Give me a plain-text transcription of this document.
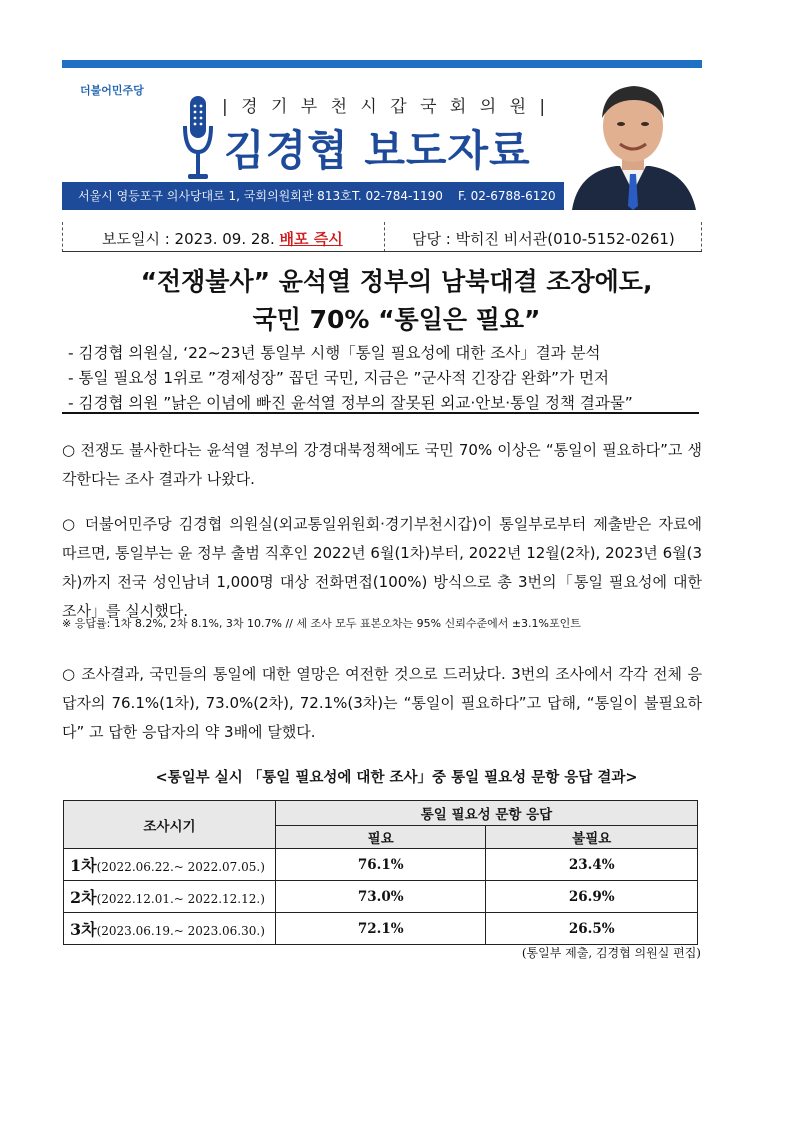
더불어민주당
| 경 기 부 천 시 갑 국 회 의 원 |
김경협 보도자료
서울시 영등포구 의사당대로 1, 국회의원회관 813호 T. 02-784-1190 F. 02-6788-6120
보도일시 : 2023. 09. 28. 배포 즉시	담당 : 박히진 비서관(010-5152-0261)
“전쟁불사” 윤석열 정부의 남북대결 조장에도,
국민 70% “통일은 필요”
- 김경협 의원실, ‘22~23년 통일부 시행「통일 필요성에 대한 조사」결과 분석
- 통일 필요성 1위로 ”경제성장” 꼽던 국민, 지금은 ”군사적 긴장감 완화”가 먼저
- 김경협 의원 ”낡은 이념에 빠진 윤석열 정부의 잘못된 외교·안보·통일 정책 결과물”
○ 전쟁도 불사한다는 윤석열 정부의 강경대북정책에도 국민 70% 이상은 “통일이 필요하다”고 생각한다는 조사 결과가 나왔다.
○ 더불어민주당 김경협 의원실(외교통일위원회·경기부천시갑)이 통일부로부터 제출받은 자료에 따르면, 통일부는 윤 정부 출범 직후인 2022년 6월(1차)부터, 2022년 12월(2차), 2023년 6월(3차)까지 전국 성인남녀 1,000명 대상 전화면접(100%) 방식으로 총 3번의「통일 필요성에 대한 조사」를 실시했다.
※ 응답률: 1차 8.2%, 2차 8.1%, 3차 10.7% // 세 조사 모두 표본오차는 95% 신뢰수준에서 ±3.1%포인트
○ 조사결과, 국민들의 통일에 대한 열망은 여전한 것으로 드러났다. 3번의 조사에서 각각 전체 응답자의 76.1%(1차), 73.0%(2차), 72.1%(3차)는 “통일이 필요하다”고 답해, “통일이 불필요하다” 고 답한 응답자의 약 3배에 달했다.
<통일부 실시 「통일 필요성에 대한 조사」중 통일 필요성 문항 응답 결과>
조사시기	통일 필요성 문항 응답	
	필요	불필요
1차(2022.06.22.~ 2022.07.05.)	76.1%	23.4%
2차(2022.12.01.~ 2022.12.12.)	73.0%	26.9%
3차(2023.06.19.~ 2023.06.30.)	72.1%	26.5%
(통일부 제출, 김경협 의원실 편집)
